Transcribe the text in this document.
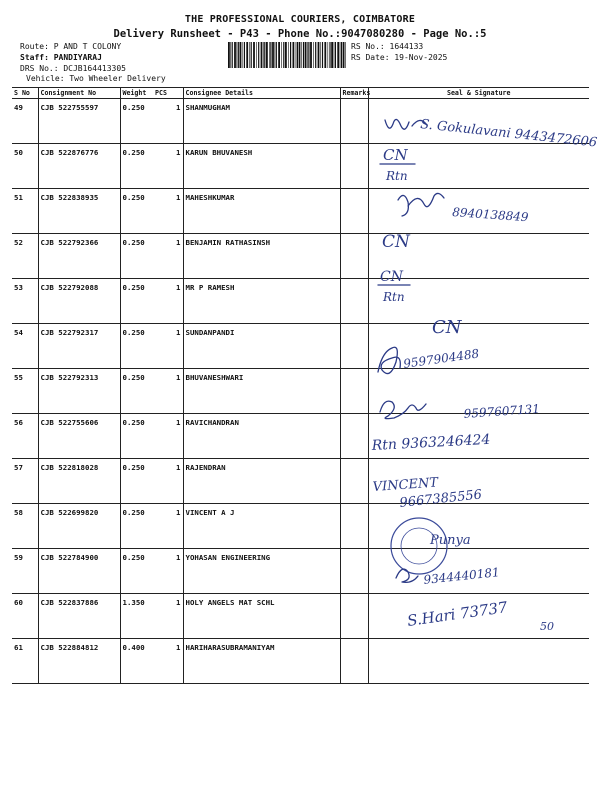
THE PROFESSIONAL COURIERS, COIMBATORE
Delivery Runsheet - P43 - Phone No.:9047080280 - Page No.:5
Route: P AND T COLONY
Staff: PANDIYARAJ
DRS No.: DCJB164413305
Vehicle: Two Wheeler Delivery
RS No.: 1644133
RS Date: 19-Nov-2025
S No	Consignment No	Weight	PCS	Consignee Details	Remarks	Seal & Signature
49	CJB 522755597	0.250	1	SHANMUGHAM		
50	CJB 522876776	0.250	1	KARUN BHUVANESH		
51	CJB 522838935	0.250	1	MAHESHKUMAR		
52	CJB 522792366	0.250	1	BENJAMIN RATHASINSH		
53	CJB 522792088	0.250	1	MR P RAMESH		
54	CJB 522792317	0.250	1	SUNDANPANDI		
55	CJB 522792313	0.250	1	BHUVANESHWARI		
56	CJB 522755606	0.250	1	RAVICHANDRAN		
57	CJB 522818028	0.250	1	RAJENDRAN		
58	CJB 522699820	0.250	1	VINCENT A J		
59	CJB 522784900	0.250	1	YOHASAN ENGINEERING		
60	CJB 522837886	1.350	1	HOLY ANGELS MAT SCHL		
61	CJB 522884812	0.400	1	HARIHARASUBRAMANIYAM		
S. Gokulavani 9443472606
CN
Rtn
8940138849
CN
CN
Rtn
CN
9597904488
9597607131
Rtn 9363246424
VINCENT
9667385556
Punya
9344440181
S.Hari 73737	50
